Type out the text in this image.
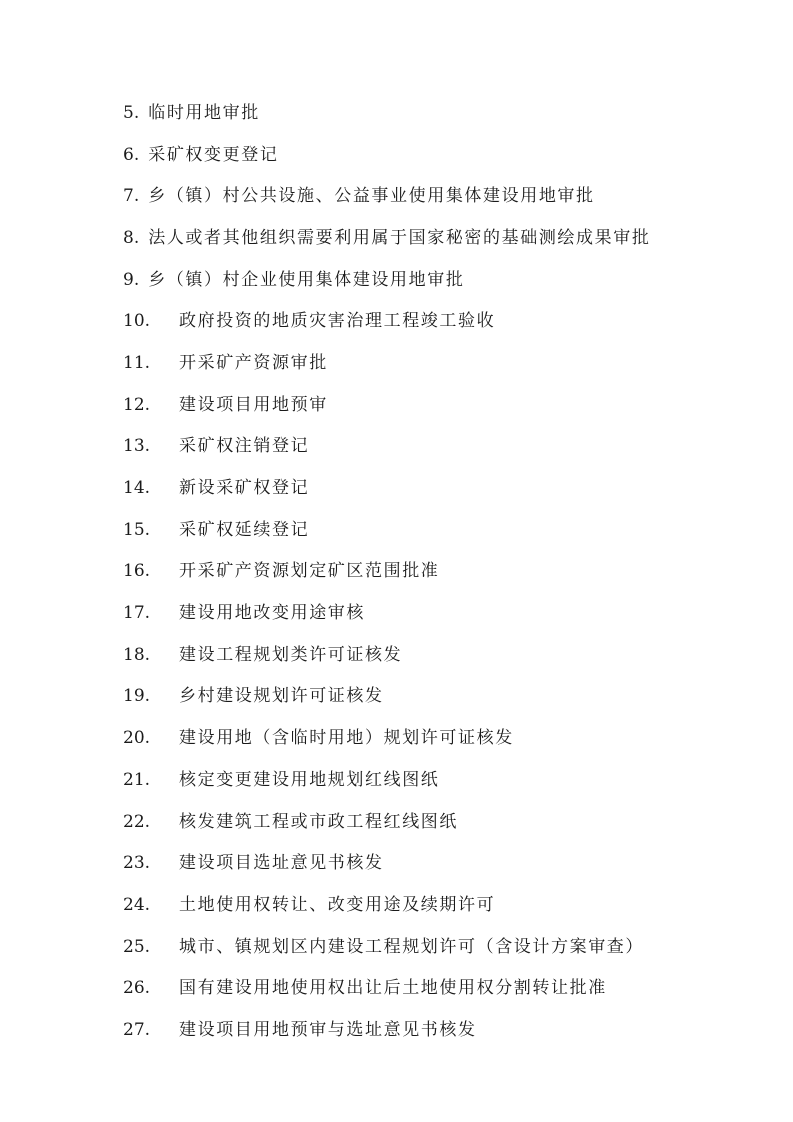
5. 临时用地审批
6. 采矿权变更登记
7. 乡（镇）村公共设施、公益事业使用集体建设用地审批
8. 法人或者其他组织需要利用属于国家秘密的基础测绘成果审批
9. 乡（镇）村企业使用集体建设用地审批
10.	政府投资的地质灾害治理工程竣工验收
11.	开采矿产资源审批
12.	建设项目用地预审
13.	采矿权注销登记
14.	新设采矿权登记
15.	采矿权延续登记
16.	开采矿产资源划定矿区范围批准
17.	建设用地改变用途审核
18.	建设工程规划类许可证核发
19.	乡村建设规划许可证核发
20.	建设用地（含临时用地）规划许可证核发
21.	核定变更建设用地规划红线图纸
22.	核发建筑工程或市政工程红线图纸
23.	建设项目选址意见书核发
24.	土地使用权转让、改变用途及续期许可
25.	城市、镇规划区内建设工程规划许可（含设计方案审查）
26.	国有建设用地使用权出让后土地使用权分割转让批准
27.	建设项目用地预审与选址意见书核发
